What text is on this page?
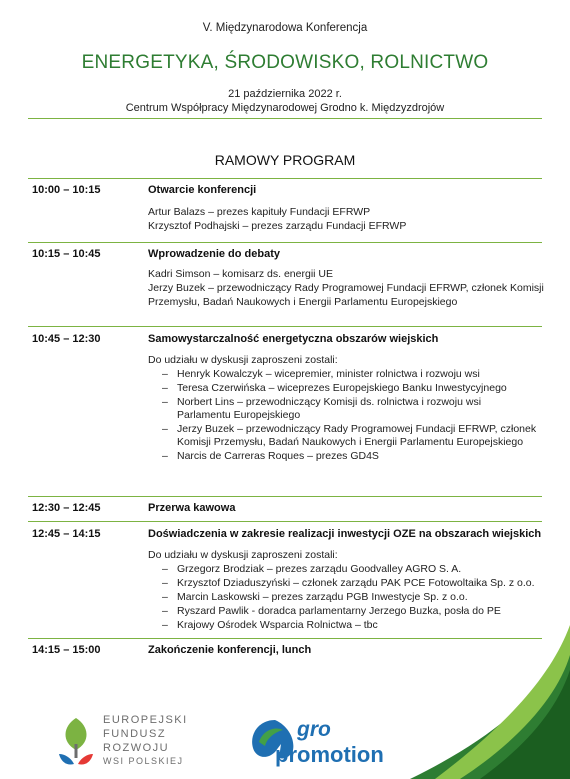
V. Międzynarodowa Konferencja
ENERGETYKA, ŚRODOWISKO, ROLNICTWO
21 października 2022 r.
Centrum Współpracy Międzynarodowej Grodno k. Międzyzdrojów
RAMOWY PROGRAM
10:00 – 10:15	Otwarcie konferencji
Artur Balazs – prezes kapituły Fundacji EFRWP
Krzysztof Podhajski – prezes zarządu Fundacji EFRWP
10:15 – 10:45	Wprowadzenie do debaty
Kadri Simson – komisarz ds. energii UE
Jerzy Buzek – przewodniczący Rady Programowej Fundacji EFRWP, członek Komisji
Przemysłu, Badań Naukowych i Energii Parlamentu Europejskiego
10:45 – 12:30	Samowystarczalność energetyczna obszarów wiejskich
Do udziału w dyskusji zaproszeni zostali:
– Henryk Kowalczyk – wicepremier, minister rolnictwa i rozwoju wsi
– Teresa Czerwińska – wiceprezes Europejskiego Banku Inwestycyjnego
– Norbert Lins – przewodniczący Komisji ds. rolnictwa i rozwoju wsi
Parlamentu Europejskiego
– Jerzy Buzek – przewodniczący Rady Programowej Fundacji EFRWP, członek
Komisji Przemysłu, Badań Naukowych i Energii Parlamentu Europejskiego
– Narcis de Carreras Roques – prezes GD4S
12:30 – 12:45	Przerwa kawowa
12:45 – 14:15	Doświadczenia w zakresie realizacji inwestycji OZE na obszarach wiejskich
Do udziału w dyskusji zaproszeni zostali:
– Grzegorz Brodziak – prezes zarządu Goodvalley AGRO S. A.
– Krzysztof Dziaduszyński – członek zarządu PAK PCE Fotowoltaika Sp. z o.o.
– Marcin Laskowski – prezes zarządu PGB Inwestycje Sp. z o.o.
– Ryszard Pawlik - doradca parlamentarny Jerzego Buzka, posła do PE
– Krajowy Ośrodek Wsparcia Rolnictwa – tbc
14:15 – 15:00	Zakończenie konferencji, lunch
EUROPEJSKI
FUNDUSZ
ROZWOJU
WSI POLSKIEJ
gro
promotion
